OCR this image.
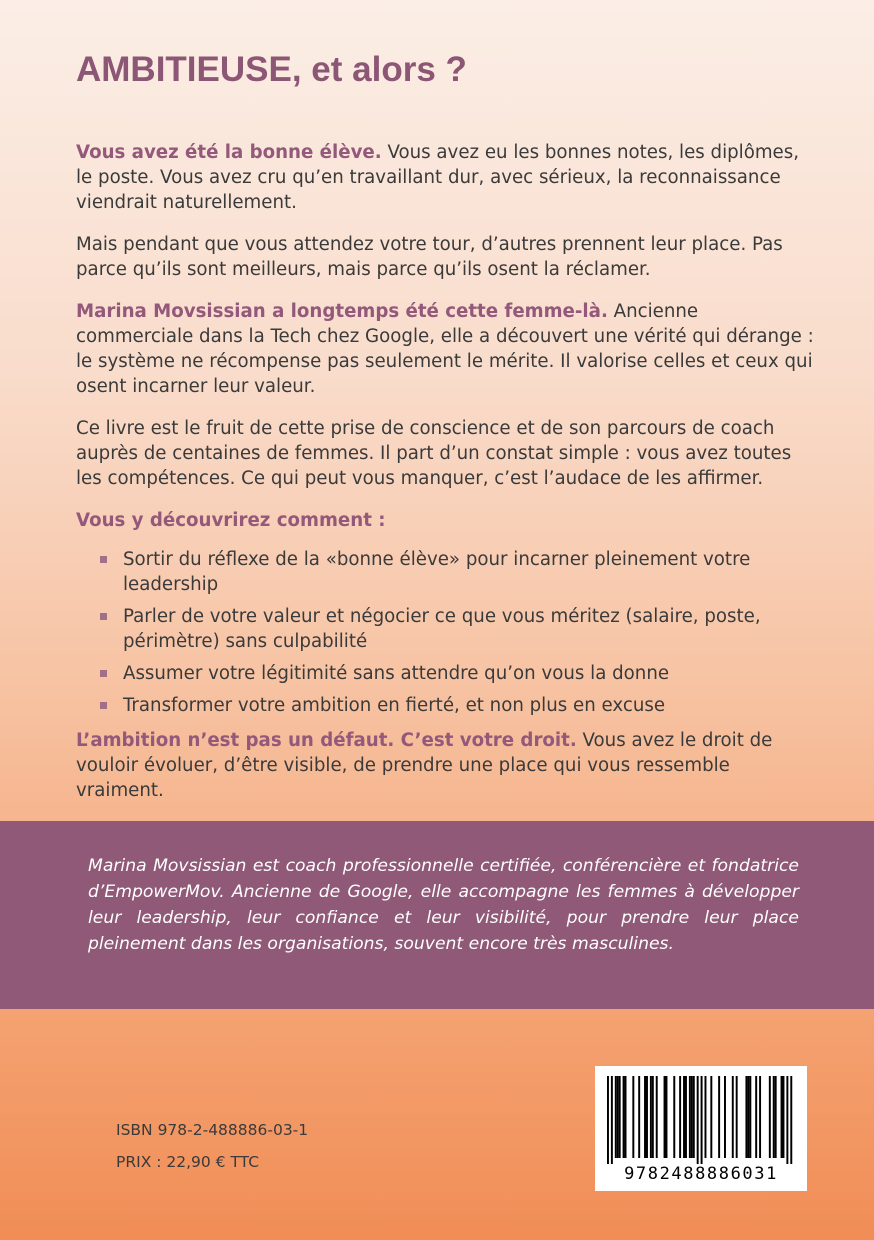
AMBITIEUSE, et alors ?

Vous avez été la bonne élève. Vous avez eu les bonnes notes, les diplômes, le poste. Vous avez cru qu’en travaillant dur, avec sérieux, la reconnaissance viendrait naturellement.

Mais pendant que vous attendez votre tour, d’autres prennent leur place. Pas parce qu’ils sont meilleurs, mais parce qu’ils osent la réclamer.

Marina Movsissian a longtemps été cette femme-là. Ancienne commerciale dans la Tech chez Google, elle a découvert une vérité qui dérange : le système ne récompense pas seulement le mérite. Il valorise celles et ceux qui osent incarner leur valeur.

Ce livre est le fruit de cette prise de conscience et de son parcours de coach auprès de centaines de femmes. Il part d’un constat simple : vous avez toutes les compétences. Ce qui peut vous manquer, c’est l’audace de les affirmer.

Vous y découvrirez comment :

Sortir du réflexe de la «bonne élève» pour incarner pleinement votre leadership
Parler de votre valeur et négocier ce que vous méritez (salaire, poste, périmètre) sans culpabilité
Assumer votre légitimité sans attendre qu’on vous la donne
Transformer votre ambition en fierté, et non plus en excuse

L’ambition n’est pas un défaut. C’est votre droit. Vous avez le droit de vouloir évoluer, d’être visible, de prendre une place qui vous ressemble vraiment.

Marina Movsissian est coach professionnelle certifiée, conférencière et fondatrice d’EmpowerMov. Ancienne de Google, elle accompagne les femmes à développer leur leadership, leur confiance et leur visibilité, pour prendre leur place pleinement dans les organisations, souvent encore très masculines.

ISBN 978-2-488886-03-1
PRIX : 22,90 € TTC
9782488886031
